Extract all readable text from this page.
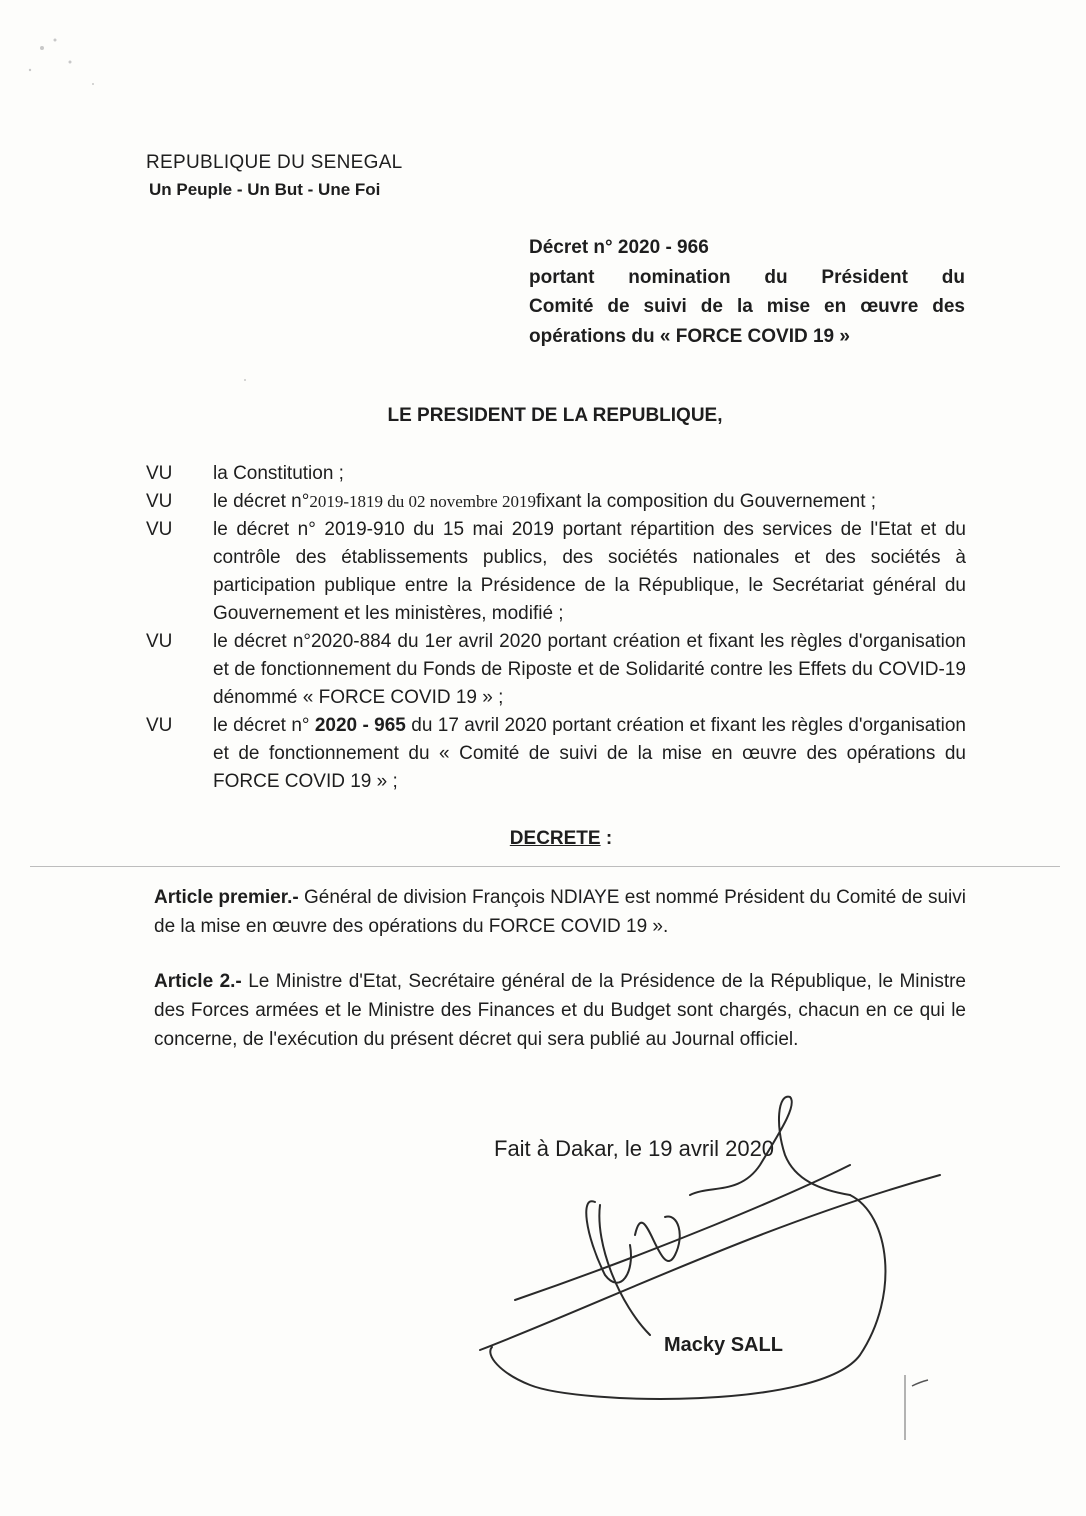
REPUBLIQUE DU SENEGAL
Un Peuple - Un But - Une Foi
Décret n° 2020 - 966
portant nomination du Président du
Comité de suivi de la mise en œuvre des
opérations du « FORCE COVID 19 »
LE PRESIDENT DE LA REPUBLIQUE,
VU	la Constitution ;
VU	le décret n°2019-1819 du 02 novembre 2019fixant la composition du Gouvernement ;
VU	le décret n° 2019-910 du 15 mai 2019 portant répartition des services de l'Etat et du contrôle des établissements publics, des sociétés nationales et des sociétés à participation publique entre la Présidence de la République, le Secrétariat général du Gouvernement et les ministères, modifié ;
VU	le décret n°2020-884 du 1er avril 2020 portant création et fixant les règles d'organisation et de fonctionnement du Fonds de Riposte et de Solidarité contre les Effets du COVID-19 dénommé « FORCE COVID 19 » ;
VU	le décret n° 2020 - 965 du 17 avril 2020 portant création et fixant les règles d'organisation et de fonctionnement du « Comité de suivi de la mise en œuvre des opérations du FORCE COVID 19 » ;
DECRETE :
Article premier.- Général de division François NDIAYE est nommé Président du Comité de suivi de la mise en œuvre des opérations du FORCE COVID 19 ».
Article 2.- Le Ministre d'Etat, Secrétaire général de la Présidence de la République, le Ministre des Forces armées et le Ministre des Finances et du Budget sont chargés, chacun en ce qui le concerne, de l'exécution du présent décret qui sera publié au Journal officiel.
Fait à Dakar, le 19 avril 2020
Macky SALL
